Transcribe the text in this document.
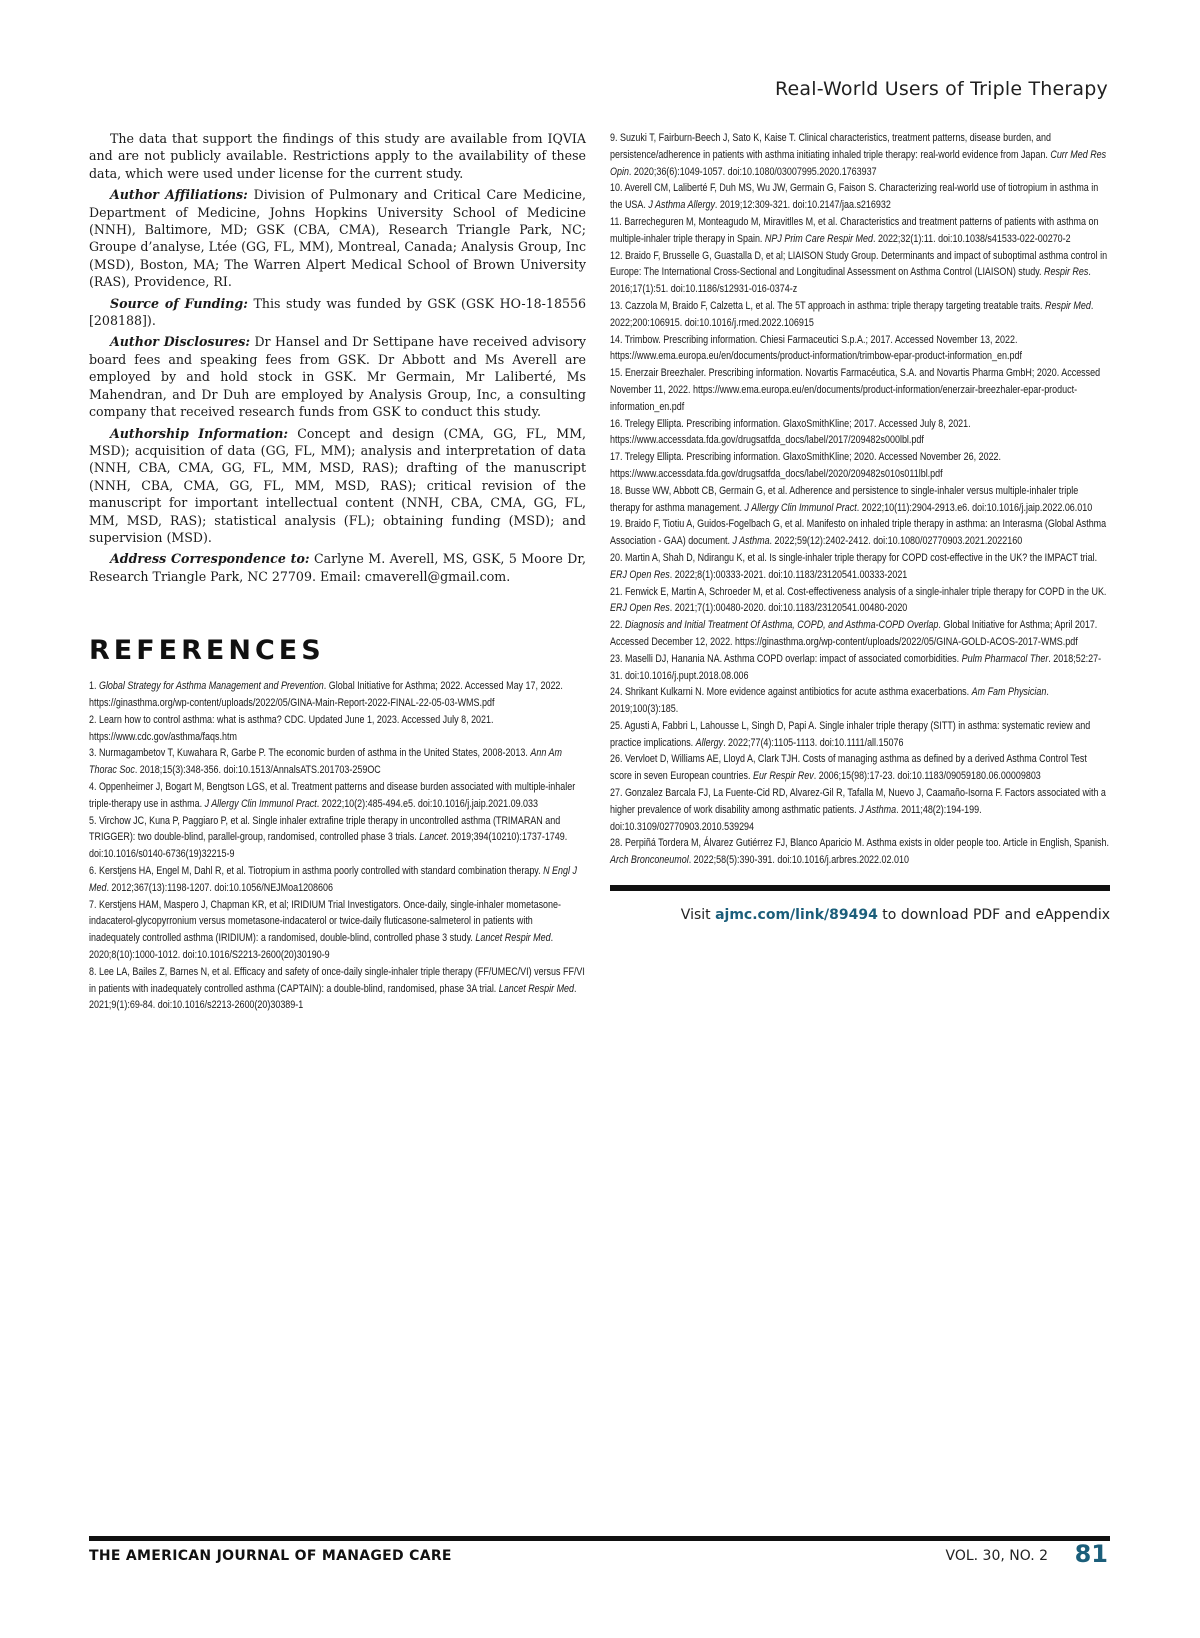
Real-World Users of Triple Therapy

The data that support the findings of this study are available from IQVIA and are not publicly available. Restrictions apply to the availability of these data, which were used under license for the current study.

Author Affiliations: Division of Pulmonary and Critical Care Medicine, Department of Medicine, Johns Hopkins University School of Medicine (NNH), Baltimore, MD; GSK (CBA, CMA), Research Triangle Park, NC; Groupe d’analyse, Ltée (GG, FL, MM), Montreal, Canada; Analysis Group, Inc (MSD), Boston, MA; The Warren Alpert Medical School of Brown University (RAS), Providence, RI.

Source of Funding: This study was funded by GSK (GSK HO-18-18556 [208188]).

Author Disclosures: Dr Hansel and Dr Settipane have received advisory board fees and speaking fees from GSK. Dr Abbott and Ms Averell are employed by and hold stock in GSK. Mr Germain, Mr Laliberté, Ms Mahendran, and Dr Duh are employed by Analysis Group, Inc, a consulting company that received research funds from GSK to conduct this study.

Authorship Information: Concept and design (CMA, GG, FL, MM, MSD); acquisition of data (GG, FL, MM); analysis and interpretation of data (NNH, CBA, CMA, GG, FL, MM, MSD, RAS); drafting of the manuscript (NNH, CBA, CMA, GG, FL, MM, MSD, RAS); critical revision of the manuscript for important intellectual content (NNH, CBA, CMA, GG, FL, MM, MSD, RAS); statistical analysis (FL); obtaining funding (MSD); and supervision (MSD).

Address Correspondence to: Carlyne M. Averell, MS, GSK, 5 Moore Dr, Research Triangle Park, NC 27709. Email: cmaverell@gmail.com.

REFERENCES

1. Global Strategy for Asthma Management and Prevention. Global Initiative for Asthma; 2022. Accessed May 17, 2022. https://ginasthma.org/wp-content/uploads/2022/05/GINA-Main-Report-2022-FINAL-22-05-03-WMS.pdf

2. Learn how to control asthma: what is asthma? CDC. Updated June 1, 2023. Accessed July 8, 2021. https://www.cdc.gov/asthma/faqs.htm

3. Nurmagambetov T, Kuwahara R, Garbe P. The economic burden of asthma in the United States, 2008-2013. Ann Am Thorac Soc. 2018;15(3):348-356. doi:10.1513/AnnalsATS.201703-259OC

4. Oppenheimer J, Bogart M, Bengtson LGS, et al. Treatment patterns and disease burden associated with multiple-inhaler triple-therapy use in asthma. J Allergy Clin Immunol Pract. 2022;10(2):485-494.e5. doi:10.1016/j.jaip.2021.09.033

5. Virchow JC, Kuna P, Paggiaro P, et al. Single inhaler extrafine triple therapy in uncontrolled asthma (TRIMARAN and TRIGGER): two double-blind, parallel-group, randomised, controlled phase 3 trials. Lancet. 2019;394(10210):1737-1749. doi:10.1016/s0140-6736(19)32215-9

6. Kerstjens HA, Engel M, Dahl R, et al. Tiotropium in asthma poorly controlled with standard combination therapy. N Engl J Med. 2012;367(13):1198-1207. doi:10.1056/NEJMoa1208606

7. Kerstjens HAM, Maspero J, Chapman KR, et al; IRIDIUM Trial Investigators. Once-daily, single-inhaler mometasone-indacaterol-glycopyrronium versus mometasone-indacaterol or twice-daily fluticasone-salmeterol in patients with inadequately controlled asthma (IRIDIUM): a randomised, double-blind, controlled phase 3 study. Lancet Respir Med. 2020;8(10):1000-1012. doi:10.1016/S2213-2600(20)30190-9

8. Lee LA, Bailes Z, Barnes N, et al. Efficacy and safety of once-daily single-inhaler triple therapy (FF/UMEC/VI) versus FF/VI in patients with inadequately controlled asthma (CAPTAIN): a double-blind, randomised, phase 3A trial. Lancet Respir Med. 2021;9(1):69-84. doi:10.1016/s2213-2600(20)30389-1

9. Suzuki T, Fairburn-Beech J, Sato K, Kaise T. Clinical characteristics, treatment patterns, disease burden, and persistence/adherence in patients with asthma initiating inhaled triple therapy: real-world evidence from Japan. Curr Med Res Opin. 2020;36(6):1049-1057. doi:10.1080/03007995.2020.1763937

10. Averell CM, Laliberté F, Duh MS, Wu JW, Germain G, Faison S. Characterizing real-world use of tiotropium in asthma in the USA. J Asthma Allergy. 2019;12:309-321. doi:10.2147/jaa.s216932

11. Barrecheguren M, Monteagudo M, Miravitlles M, et al. Characteristics and treatment patterns of patients with asthma on multiple-inhaler triple therapy in Spain. NPJ Prim Care Respir Med. 2022;32(1):11. doi:10.1038/s41533-022-00270-2

12. Braido F, Brusselle G, Guastalla D, et al; LIAISON Study Group. Determinants and impact of suboptimal asthma control in Europe: The International Cross-Sectional and Longitudinal Assessment on Asthma Control (LIAISON) study. Respir Res. 2016;17(1):51. doi:10.1186/s12931-016-0374-z

13. Cazzola M, Braido F, Calzetta L, et al. The 5T approach in asthma: triple therapy targeting treatable traits. Respir Med. 2022;200:106915. doi:10.1016/j.rmed.2022.106915

14. Trimbow. Prescribing information. Chiesi Farmaceutici S.p.A.; 2017. Accessed November 13, 2022. https://www.ema.europa.eu/en/documents/product-information/trimbow-epar-product-information_en.pdf

15. Enerzair Breezhaler. Prescribing information. Novartis Farmacéutica, S.A. and Novartis Pharma GmbH; 2020. Accessed November 11, 2022. https://www.ema.europa.eu/en/documents/product-information/enerzair-breezhaler-epar-product-information_en.pdf

16. Trelegy Ellipta. Prescribing information. GlaxoSmithKline; 2017. Accessed July 8, 2021. https://www.accessdata.fda.gov/drugsatfda_docs/label/2017/209482s000lbl.pdf

17. Trelegy Ellipta. Prescribing information. GlaxoSmithKline; 2020. Accessed November 26, 2022. https://www.accessdata.fda.gov/drugsatfda_docs/label/2020/209482s010s011lbl.pdf

18. Busse WW, Abbott CB, Germain G, et al. Adherence and persistence to single-inhaler versus multiple-inhaler triple therapy for asthma management. J Allergy Clin Immunol Pract. 2022;10(11):2904-2913.e6. doi:10.1016/j.jaip.2022.06.010

19. Braido F, Tiotiu A, Guidos-Fogelbach G, et al. Manifesto on inhaled triple therapy in asthma: an Interasma (Global Asthma Association - GAA) document. J Asthma. 2022;59(12):2402-2412. doi:10.1080/02770903.2021.2022160

20. Martin A, Shah D, Ndirangu K, et al. Is single-inhaler triple therapy for COPD cost-effective in the UK? the IMPACT trial. ERJ Open Res. 2022;8(1):00333-2021. doi:10.1183/23120541.00333-2021

21. Fenwick E, Martin A, Schroeder M, et al. Cost-effectiveness analysis of a single-inhaler triple therapy for COPD in the UK. ERJ Open Res. 2021;7(1):00480-2020. doi:10.1183/23120541.00480-2020

22. Diagnosis and Initial Treatment Of Asthma, COPD, and Asthma-COPD Overlap. Global Initiative for Asthma; April 2017. Accessed December 12, 2022. https://ginasthma.org/wp-content/uploads/2022/05/GINA-GOLD-ACOS-2017-WMS.pdf

23. Maselli DJ, Hanania NA. Asthma COPD overlap: impact of associated comorbidities. Pulm Pharmacol Ther. 2018;52:27-31. doi:10.1016/j.pupt.2018.08.006

24. Shrikant Kulkarni N. More evidence against antibiotics for acute asthma exacerbations. Am Fam Physician. 2019;100(3):185.

25. Agusti A, Fabbri L, Lahousse L, Singh D, Papi A. Single inhaler triple therapy (SITT) in asthma: systematic review and practice implications. Allergy. 2022;77(4):1105-1113. doi:10.1111/all.15076

26. Vervloet D, Williams AE, Lloyd A, Clark TJH. Costs of managing asthma as defined by a derived Asthma Control Test score in seven European countries. Eur Respir Rev. 2006;15(98):17-23. doi:10.1183/09059180.06.00009803

27. Gonzalez Barcala FJ, La Fuente-Cid RD, Alvarez-Gil R, Tafalla M, Nuevo J, Caamaño-Isorna F. Factors associated with a higher prevalence of work disability among asthmatic patients. J Asthma. 2011;48(2):194-199. doi:10.3109/02770903.2010.539294

28. Perpiñá Tordera M, Álvarez Gutiérrez FJ, Blanco Aparicio M. Asthma exists in older people too. Article in English, Spanish. Arch Bronconeumol. 2022;58(5):390-391. doi:10.1016/j.arbres.2022.02.010

Visit ajmc.com/link/89494 to download PDF and eAppendix
THE AMERICAN JOURNAL OF MANAGED CARE	VOL. 30, NO. 2 81
